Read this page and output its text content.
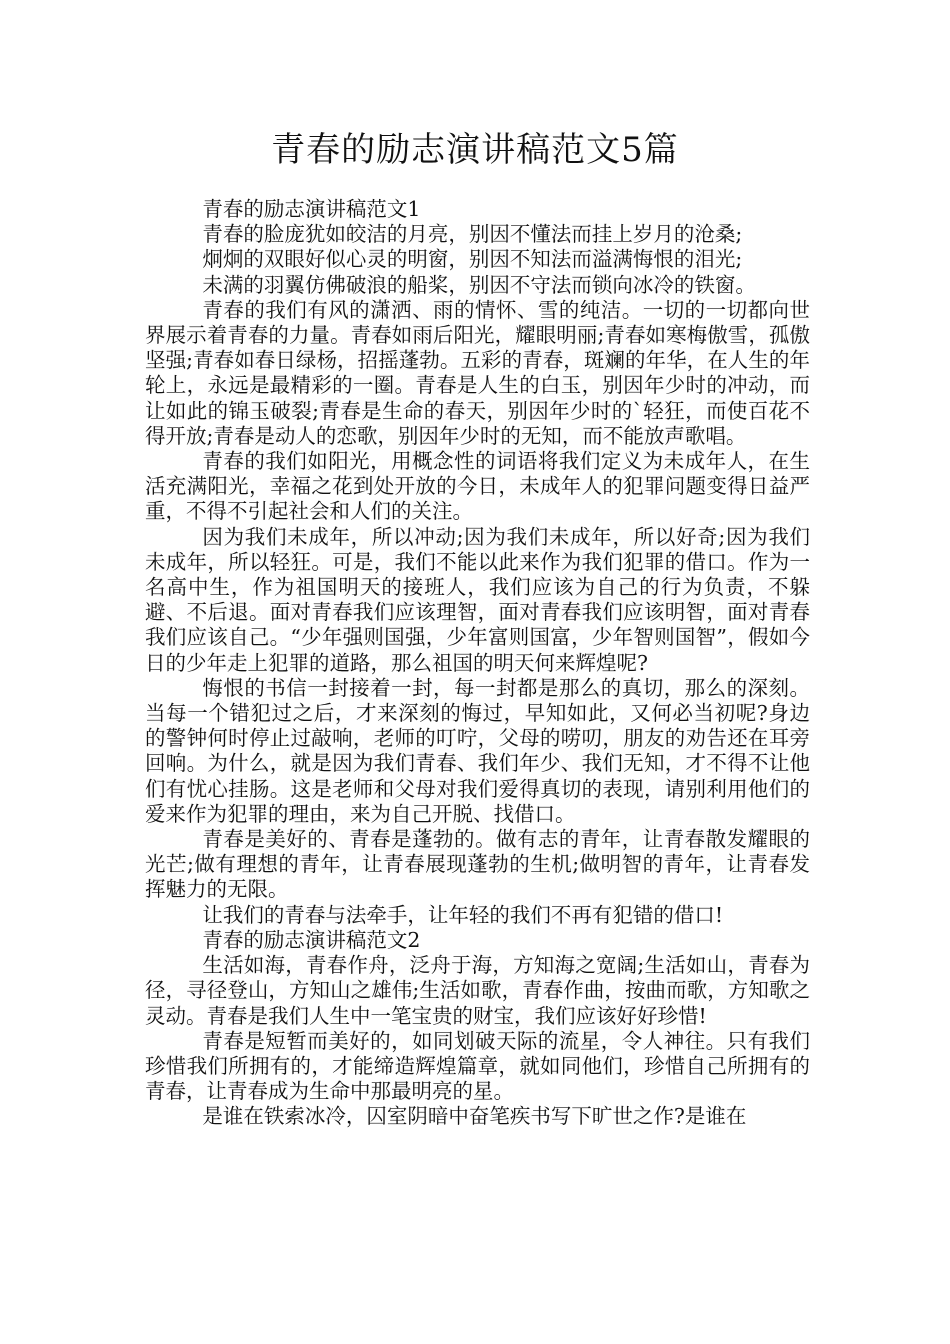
青春的励志演讲稿范文5篇

青春的励志演讲稿范文1

青春的脸庞犹如皎洁的月亮，别因不懂法而挂上岁月的沧桑;

炯炯的双眼好似心灵的明窗，别因不知法而溢满悔恨的泪光;

未满的羽翼仿佛破浪的船桨，别因不守法而锁向冰冷的铁窗。

青春的我们有风的潇洒、雨的情怀、雪的纯洁。一切的一切都向世界展示着青春的力量。青春如雨后阳光，耀眼明丽;青春如寒梅傲雪，孤傲坚强;青春如春日绿杨，招摇蓬勃。五彩的青春，斑斓的年华，在人生的年轮上，永远是最精彩的一圈。青春是人生的白玉，别因年少时的冲动，而让如此的锦玉破裂;青春是生命的春天，别因年少时的`轻狂，而使百花不得开放;青春是动人的恋歌，别因年少时的无知，而不能放声歌唱。

青春的我们如阳光，用概念性的词语将我们定义为未成年人，在生活充满阳光，幸福之花到处开放的今日，未成年人的犯罪问题变得日益严重，不得不引起社会和人们的关注。

因为我们未成年，所以冲动;因为我们未成年，所以好奇;因为我们未成年，所以轻狂。可是，我们不能以此来作为我们犯罪的借口。作为一名高中生，作为祖国明天的接班人，我们应该为自己的行为负责，不躲避、不后退。面对青春我们应该理智，面对青春我们应该明智，面对青春我们应该自己。“少年强则国强，少年富则国富，少年智则国智”，假如今日的少年走上犯罪的道路，那么祖国的明天何来辉煌呢?

悔恨的书信一封接着一封，每一封都是那么的真切，那么的深刻。当每一个错犯过之后，才来深刻的悔过，早知如此，又何必当初呢?身边的警钟何时停止过敲响，老师的叮咛，父母的唠叨，朋友的劝告还在耳旁回响。为什么，就是因为我们青春、我们年少、我们无知，才不得不让他们有忧心挂肠。这是老师和父母对我们爱得真切的表现，请别利用他们的爱来作为犯罪的理由，来为自己开脱、找借口。

青春是美好的、青春是蓬勃的。做有志的青年，让青春散发耀眼的光芒;做有理想的青年，让青春展现蓬勃的生机;做明智的青年，让青春发挥魅力的无限。

让我们的青春与法牵手，让年轻的我们不再有犯错的借口!

青春的励志演讲稿范文2

生活如海，青春作舟，泛舟于海，方知海之宽阔;生活如山，青春为径，寻径登山，方知山之雄伟;生活如歌，青春作曲，按曲而歌，方知歌之灵动。青春是我们人生中一笔宝贵的财宝，我们应该好好珍惜!

青春是短暂而美好的，如同划破天际的流星，令人神往。只有我们珍惜我们所拥有的，才能缔造辉煌篇章，就如同他们，珍惜自己所拥有的青春，让青春成为生命中那最明亮的星。

是谁在铁索冰冷，囚室阴暗中奋笔疾书写下旷世之作?是谁在
